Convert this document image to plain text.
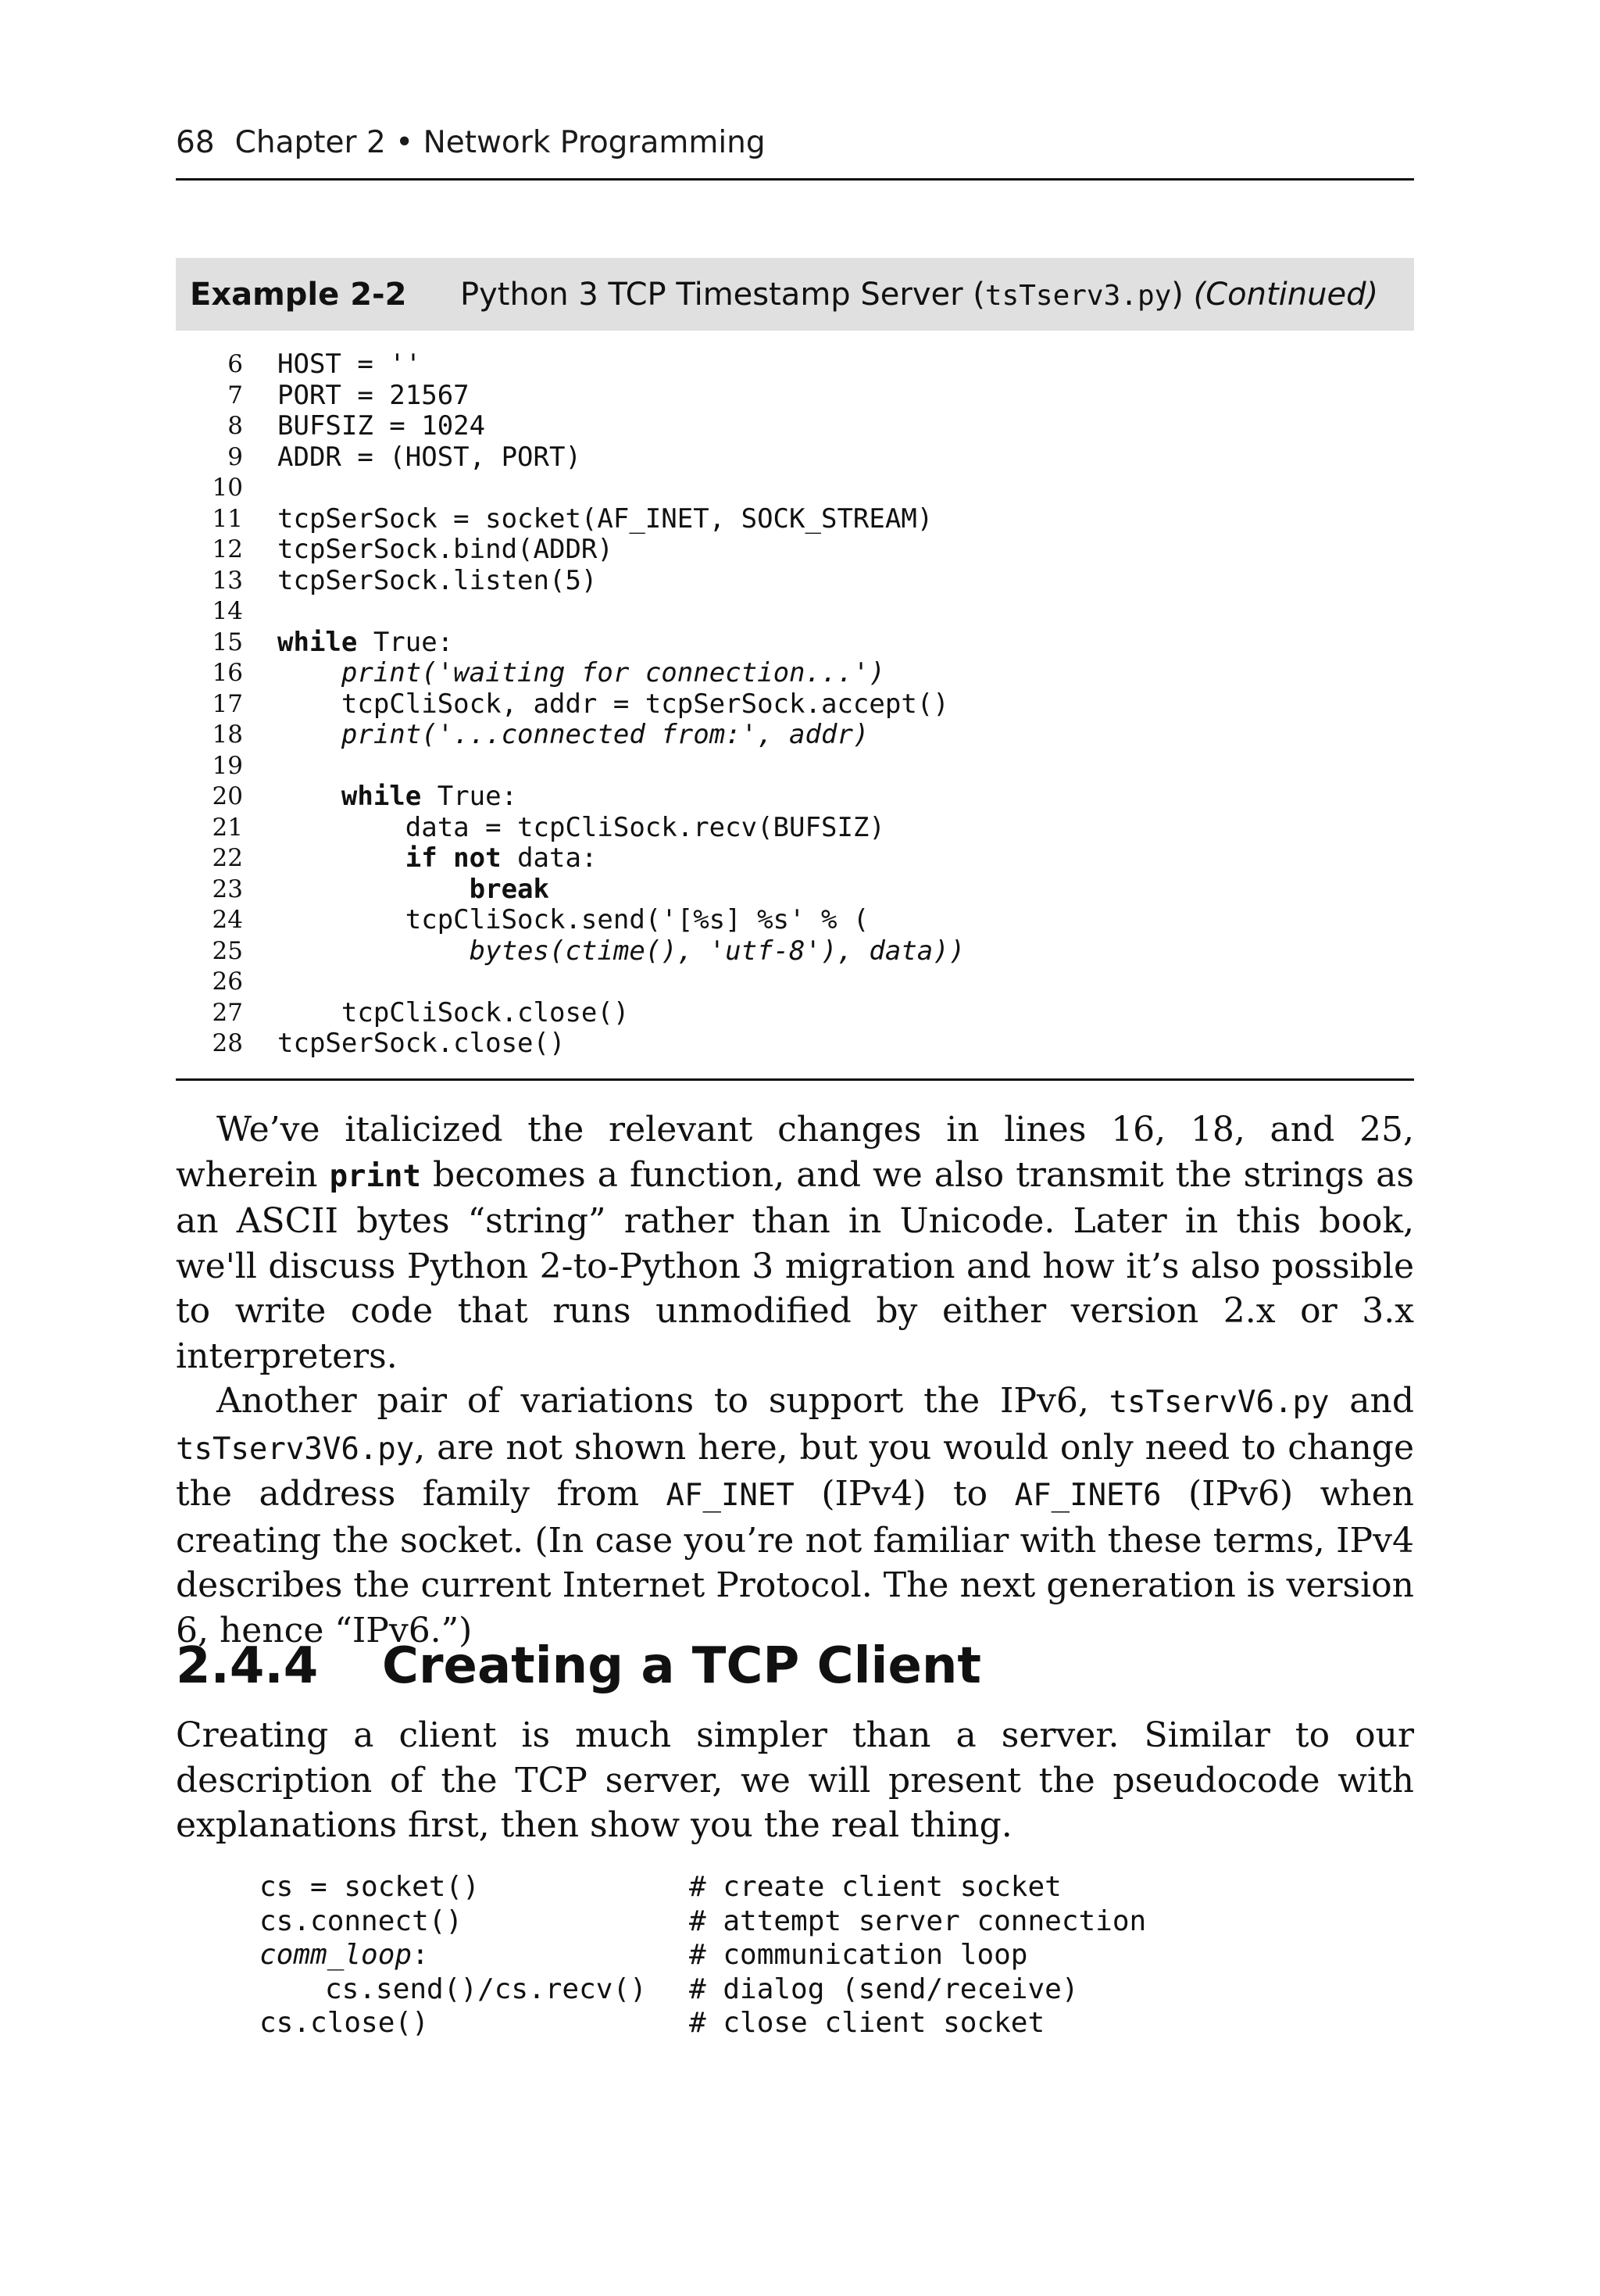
68 Chapter 2 • Network Programming
Example 2-2	Python 3 TCP Timestamp Server (tsTserv3.py) (Continued)
6 HOST = ''
7 PORT = 21567
8 BUFSIZ = 1024
9 ADDR = (HOST, PORT)
10
11 tcpSerSock = socket(AF_INET, SOCK_STREAM)
12 tcpSerSock.bind(ADDR)
13 tcpSerSock.listen(5)
14
15 while True:
16	print('waiting for connection...')
17 tcpCliSock, addr = tcpSerSock.accept()
18	print('...connected from:', addr)
19
20	while True:
21 data = tcpCliSock.recv(BUFSIZ)
22	if not data:
23	break
24 tcpCliSock.send('[%s] %s' % (
25	bytes(ctime(), 'utf-8'), data))
26
27 tcpCliSock.close()
28 tcpSerSock.close()

We’ve italicized the relevant changes in lines 16, 18, and 25, wherein print becomes a function, and we also transmit the strings as an ASCII bytes “string” rather than in Unicode. Later in this book, we'll discuss Python 2-to-Python 3 migration and how it’s also possible to write code that runs unmodified by either version 2.x or 3.x interpreters.

Another pair of variations to support the IPv6, tsTservV6.py and tsTserv3V6.py, are not shown here, but you would only need to change the address family from AF_INET (IPv4) to AF_INET6 (IPv6) when creating the socket. (In case you’re not familiar with these terms, IPv4 describes the current Internet Protocol. The next generation is version 6, hence “IPv6.”)

2.4.4 Creating a TCP Client

Creating a client is much simpler than a server. Similar to our description of the TCP server, we will present the pseudocode with explanations first, then show you the real thing.

cs = socket()	# create client socket
cs.connect()	# attempt server connection
comm_loop:	# communication loop
cs.send()/cs.recv() # dialog (send/receive)
cs.close()	# close client socket
